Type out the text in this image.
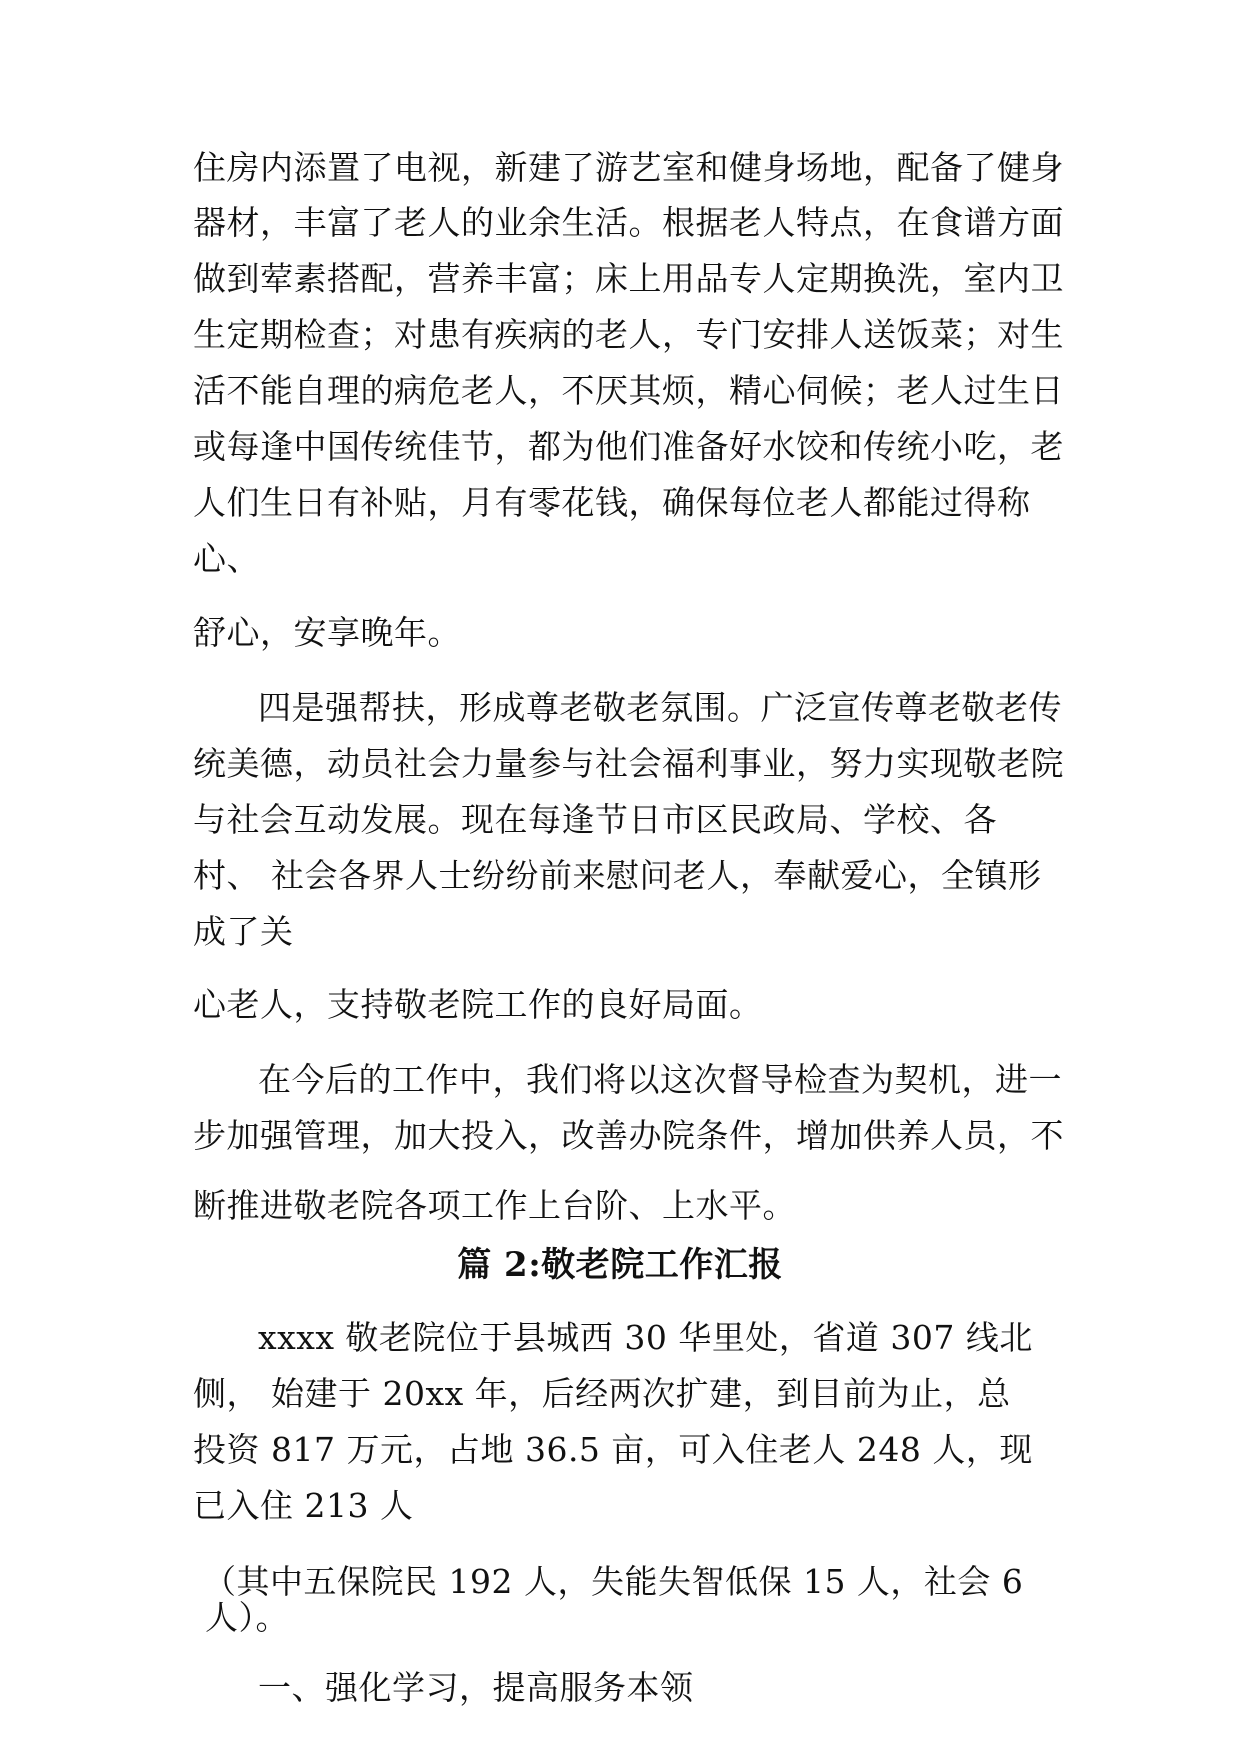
住房内添置了电视，新建了游艺室和健身场地，配备了健身
器材，丰富了老人的业余生活。根据老人特点，在食谱方面
做到荤素搭配，营养丰富；床上用品专人定期换洗，室内卫
生定期检查；对患有疾病的老人，专门安排人送饭菜；对生
活不能自理的病危老人，不厌其烦，精心伺候；老人过生日
或每逢中国传统佳节，都为他们准备好水饺和传统小吃，老
人们生日有补贴，月有零花钱，确保每位老人都能过得称
心、
舒心，安享晚年。
四是强帮扶，形成尊老敬老氛围。广泛宣传尊老敬老传
统美德，动员社会力量参与社会福利事业，努力实现敬老院
与社会互动发展。现在每逢节日市区民政局、学校、各
村、 社会各界人士纷纷前来慰问老人，奉献爱心，全镇形
成了关
心老人，支持敬老院工作的良好局面。
在今后的工作中，我们将以这次督导检查为契机，进一
步加强管理，加大投入，改善办院条件，增加供养人员，不
断推进敬老院各项工作上台阶、上水平。
篇 2:敬老院工作汇报
xxxx 敬老院位于县城西 30 华里处，省道 307 线北
侧， 始建于 20xx 年，后经两次扩建，到目前为止，总
投资 817 万元，占地 36.5 亩，可入住老人 248 人，现
已入住 213 人
（其中五保院民 192 人，失能失智低保 15 人，社会 6
人）。
一、强化学习，提高服务本领
